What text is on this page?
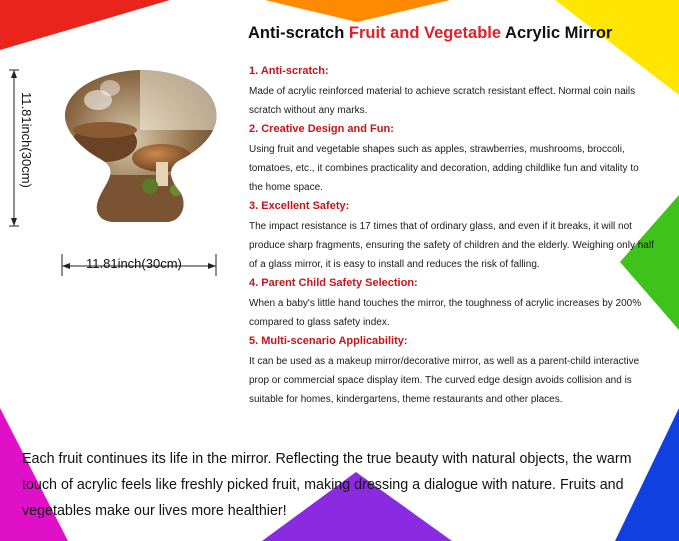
Anti-scratch Fruit and Vegetable Acrylic Mirror
11.81inch(30cm)
11.81inch(30cm)
1. Anti-scratch:
Made of acrylic reinforced material to achieve scratch resistant effect. Normal coin nails scratch without any marks.
2. Creative Design and Fun:
Using fruit and vegetable shapes such as apples, strawberries, mushrooms, broccoli, tomatoes, etc., it combines practicality and decoration, adding childlike fun and vitality to the home space.
3. Excellent Safety:
The impact resistance is 17 times that of ordinary glass, and even if it breaks, it will not produce sharp fragments, ensuring the safety of children and the elderly. Weighing only half of a glass mirror, it is easy to install and reduces the risk of falling.
4. Parent Child Safety Selection:
When a baby's little hand touches the mirror, the toughness of acrylic increases by 200% compared to glass safety index.
5. Multi-scenario Applicability:
It can be used as a makeup mirror/decorative mirror, as well as a parent-child interactive prop or commercial space display item. The curved edge design avoids collision and is suitable for homes, kindergartens, theme restaurants and other places.
Each fruit continues its life in the mirror. Reflecting the true beauty with natural objects, the warm touch of acrylic feels like freshly picked fruit, making dressing a dialogue with nature. Fruits and vegetables make our lives more healthier!
